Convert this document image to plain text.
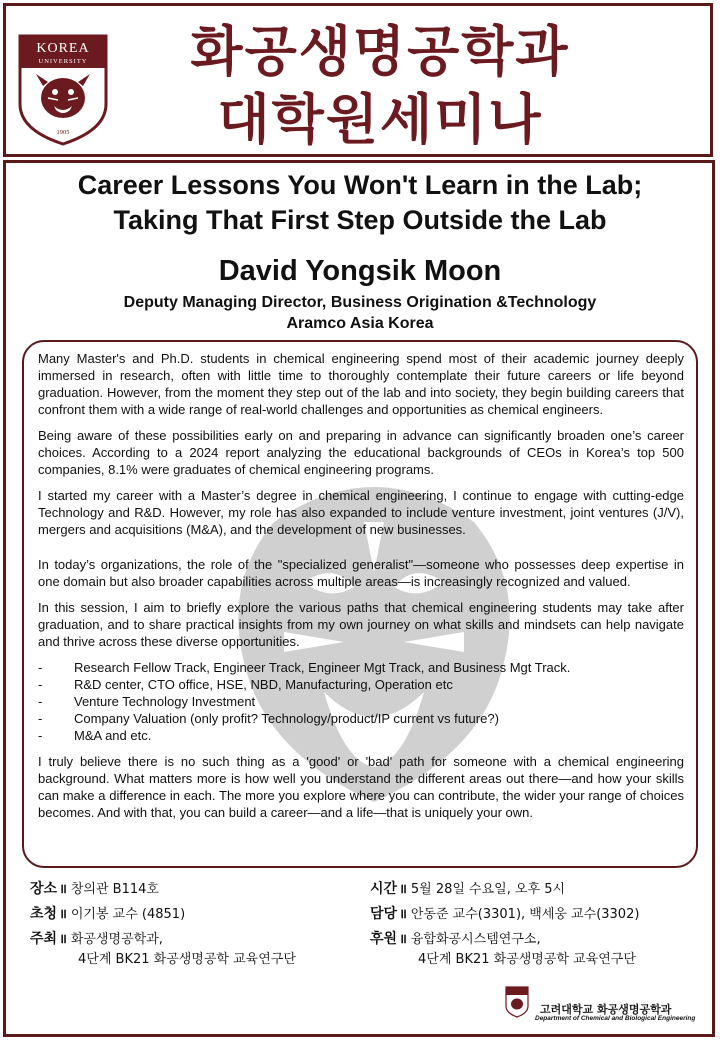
KOREA
UNIVERSITY
1905
화공생명공학과
대학원세미나
Career Lessons You Won't Learn in the Lab;
Taking That First Step Outside the Lab
David Yongsik Moon
Deputy Managing Director, Business Origination &Technology
Aramco Asia Korea

Many Master's and Ph.D. students in chemical engineering spend most of their academic journey deeply immersed in research, often with little time to thoroughly contemplate their future careers or life beyond graduation. However, from the moment they step out of the lab and into society, they begin building careers that confront them with a wide range of real-world challenges and opportunities as chemical engineers.

Being aware of these possibilities early on and preparing in advance can significantly broaden one’s career choices. According to a 2024 report analyzing the educational backgrounds of CEOs in Korea’s top 500 companies, 8.1% were graduates of chemical engineering programs.

I started my career with a Master’s degree in chemical engineering, I continue to engage with cutting-edge Technology and R&D. However, my role has also expanded to include venture investment, joint ventures (J/V), mergers and acquisitions (M&A), and the development of new businesses.

In today’s organizations, the role of the "specialized generalist"—someone who possesses deep expertise in one domain but also broader capabilities across multiple areas—is increasingly recognized and valued.

In this session, I aim to briefly explore the various paths that chemical engineering students may take after graduation, and to share practical insights from my own journey on what skills and mindsets can help navigate and thrive across these diverse opportunities.

-	Research Fellow Track, Engineer Track, Engineer Mgt Track, and Business Mgt Track.
-	R&D center, CTO office, HSE, NBD, Manufacturing, Operation etc
-	Venture Technology Investment
-	Company Valuation (only profit? Technology/product/IP current vs future?)
-	M&A and etc.

I truly believe there is no such thing as a 'good' or 'bad' path for someone with a chemical engineering background. What matters more is how well you understand the different areas out there—and how your skills can make a difference in each. The more you explore where you can contribute, the wider your range of choices becomes. And with that, you can build a career—and a life—that is uniquely your own.

장소 ॥ 창의관 B114호	시간 ॥ 5월 28일 수요일, 오후 5시
초청 ॥ 이기봉 교수 (4851)	담당 ॥ 안동준 교수(3301), 백세웅 교수(3302)
주최 ॥ 화공생명공학과,
4단계 BK21 화공생명공학 교육연구단
후원 ॥ 융합화공시스템연구소,
4단계 BK21 화공생명공학 교육연구단
고려대학교 화공생명공학과
Department of Chemical and Biological Engineering
